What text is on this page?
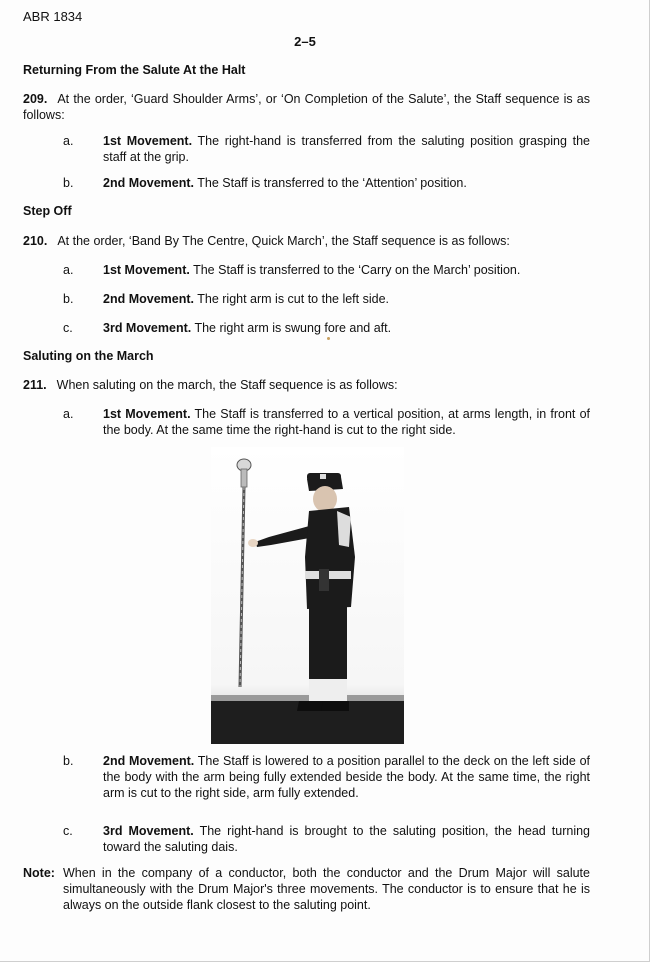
ABR 1834
2–5
Returning From the Salute At the Halt
209. At the order, ‘Guard Shoulder Arms’, or ‘On Completion of the Salute’, the Staff sequence is as follows:
a.	1st Movement. The right-hand is transferred from the saluting position grasping the staff at the grip.
b.	2nd Movement. The Staff is transferred to the ‘Attention’ position.
Step Off
210. At the order, ‘Band By The Centre, Quick March’, the Staff sequence is as follows:
a.	1st Movement. The Staff is transferred to the ‘Carry on the March’ position.
b.	2nd Movement. The right arm is cut to the left side.
c.	3rd Movement. The right arm is swung fore and aft.
Saluting on the March
211. When saluting on the march, the Staff sequence is as follows:
a.	1st Movement. The Staff is transferred to a vertical position, at arms length, in front of the body. At the same time the right-hand is cut to the right side.
b.	2nd Movement. The Staff is lowered to a position parallel to the deck on the left side of the body with the arm being fully extended beside the body. At the same time, the right arm is cut to the right side, arm fully extended.
c.	3rd Movement. The right-hand is brought to the saluting position, the head turning toward the saluting dais.
Note: When in the company of a conductor, both the conductor and the Drum Major will salute simultaneously with the Drum Major's three movements. The conductor is to ensure that he is always on the outside flank closest to the saluting point.
